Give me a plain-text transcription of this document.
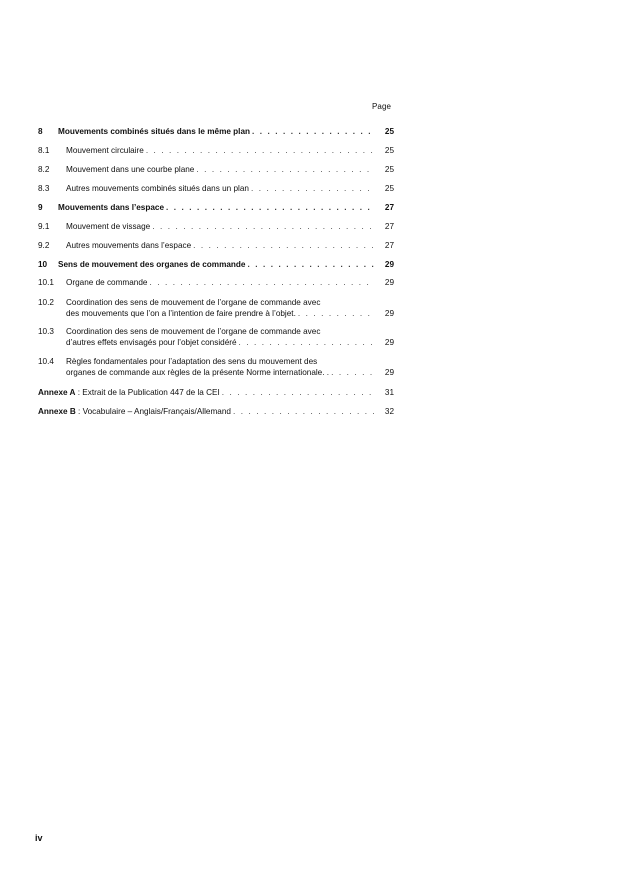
Page
8	Mouvements combinés situés dans le même plan . . .	25
8.1	Mouvement circulaire . . .	25
8.2	Mouvement dans une courbe plane . . .	25
8.3	Autres mouvements combinés situés dans un plan . . .	25
9	Mouvements dans l’espace . . .	27
9.1	Mouvement de vissage . . .	27
9.2	Autres mouvements dans l’espace . . .	27
10	Sens de mouvement des organes de commande . . .	29
10.1	Organe de commande . . .	29
10.2	Coordination des sens de mouvement de l’organe de commande avec
des mouvements que l’on a l’intention de faire prendre à l’objet. . . .	29
10.3	Coordination des sens de mouvement de l’organe de commande avec
d’autres effets envisagés pour l’objet considéré . . .	29
10.4	Règles fondamentales pour l’adaptation des sens du mouvement des
organes de commande aux règles de la présente Norme internationale. . . . .	29
Annexe A : Extrait de la Publication 447 de la CEI . . .	31
Annexe B : Vocabulaire – Anglais/Français/Allemand . . .	32
iv
